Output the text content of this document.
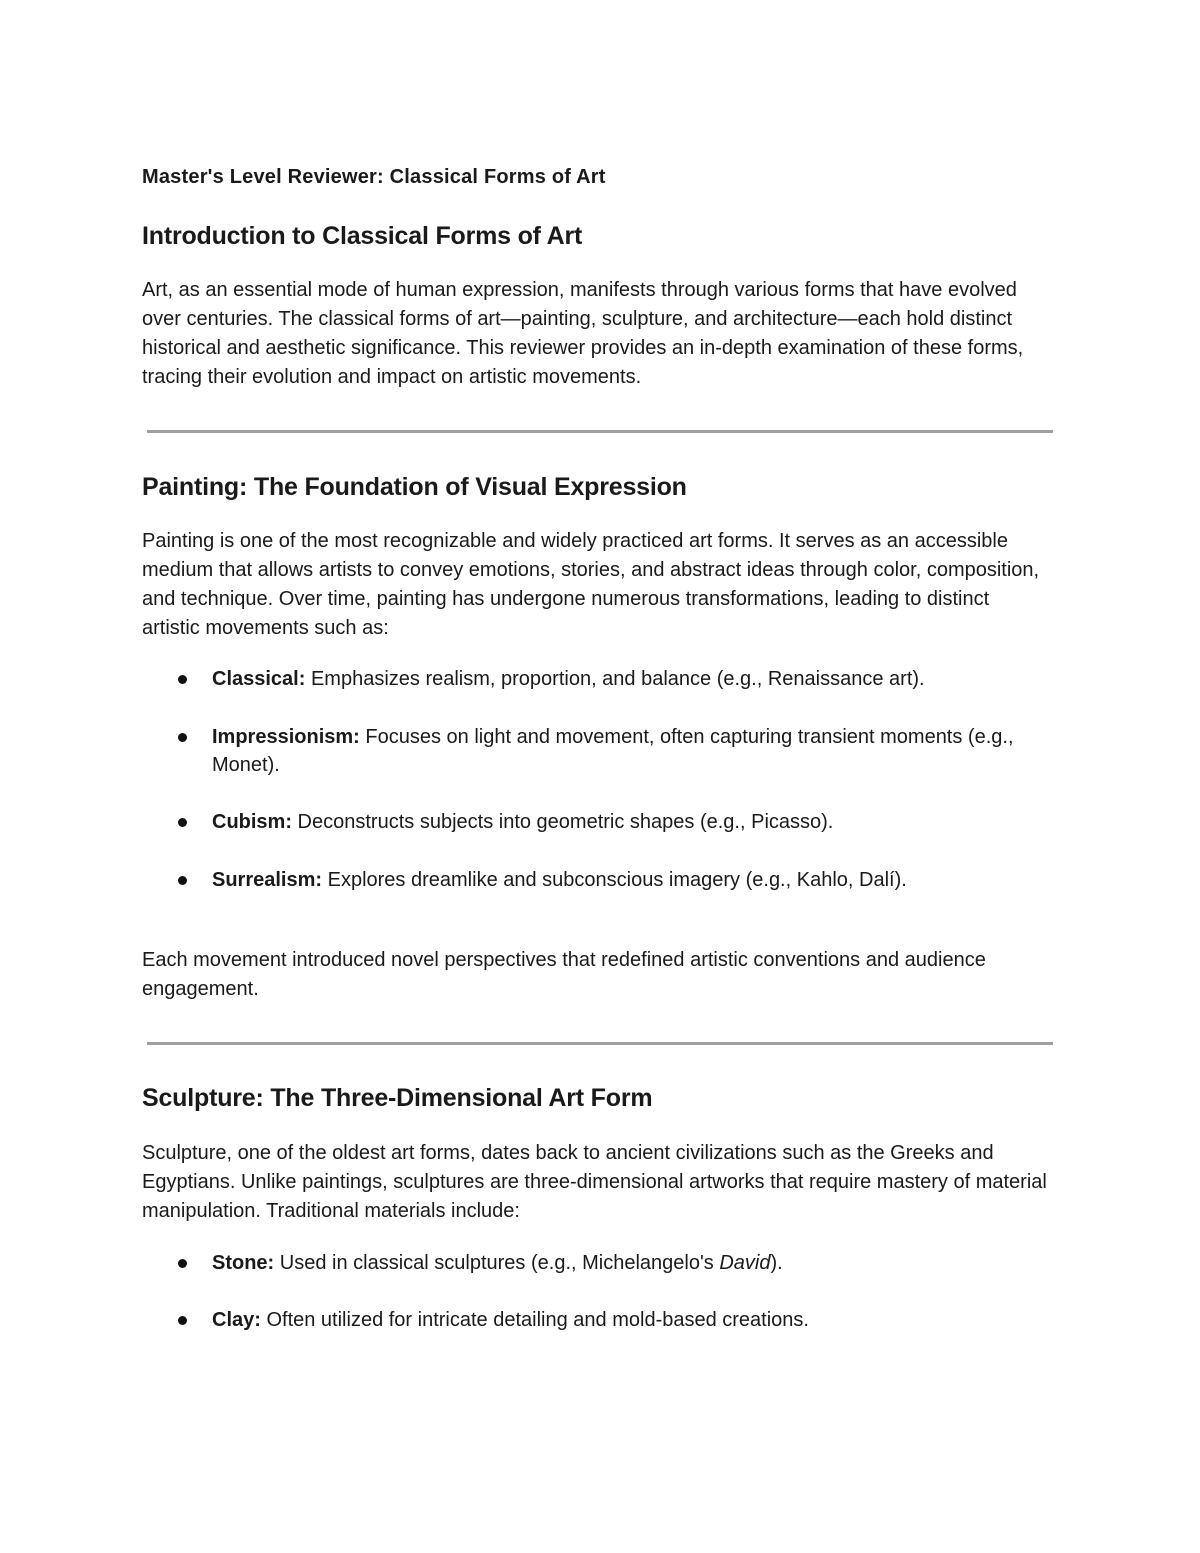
Master's Level Reviewer: Classical Forms of Art
Introduction to Classical Forms of Art

Art, as an essential mode of human expression, manifests through various forms that have evolved over centuries. The classical forms of art—painting, sculpture, and architecture—each hold distinct historical and aesthetic significance. This reviewer provides an in-depth examination of these forms, tracing their evolution and impact on artistic movements.

Painting: The Foundation of Visual Expression

Painting is one of the most recognizable and widely practiced art forms. It serves as an accessible medium that allows artists to convey emotions, stories, and abstract ideas through color, composition, and technique. Over time, painting has undergone numerous transformations, leading to distinct artistic movements such as:

Classical: Emphasizes realism, proportion, and balance (e.g., Renaissance art).
Impressionism: Focuses on light and movement, often capturing transient moments (e.g., Monet).
Cubism: Deconstructs subjects into geometric shapes (e.g., Picasso).
Surrealism: Explores dreamlike and subconscious imagery (e.g., Kahlo, Dalí).

Each movement introduced novel perspectives that redefined artistic conventions and audience engagement.

Sculpture: The Three-Dimensional Art Form

Sculpture, one of the oldest art forms, dates back to ancient civilizations such as the Greeks and Egyptians. Unlike paintings, sculptures are three-dimensional artworks that require mastery of material manipulation. Traditional materials include:

Stone: Used in classical sculptures (e.g., Michelangelo's David).
Clay: Often utilized for intricate detailing and mold-based creations.
